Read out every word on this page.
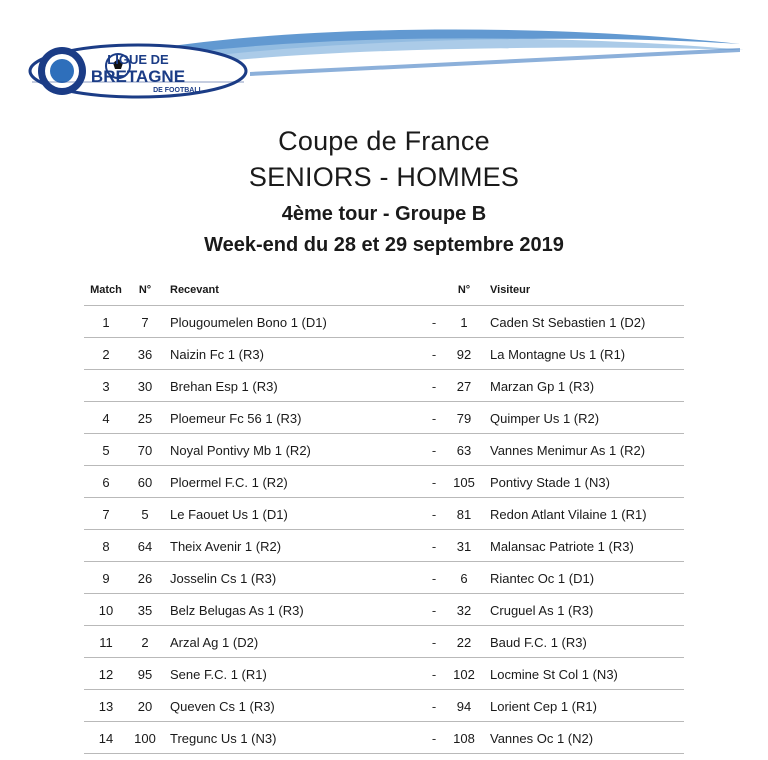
LIGUE DE
BRETAGNE
DE FOOTBALL
Coupe de France
SENIORS - HOMMES
4ème tour - Groupe B
Week-end du 28 et 29 septembre 2019
Match	N°	Recevant		N°	Visiteur
1	7	Plougoumelen Bono 1 (D1)	-	1	Caden St Sebastien 1 (D2)
2	36	Naizin Fc 1 (R3)	-	92	La Montagne Us 1 (R1)
3	30	Brehan Esp 1 (R3)	-	27	Marzan Gp 1 (R3)
4	25	Ploemeur Fc 56 1 (R3)	-	79	Quimper Us 1 (R2)
5	70	Noyal Pontivy Mb 1 (R2)	-	63	Vannes Menimur As 1 (R2)
6	60	Ploermel F.C. 1 (R2)	-	105	Pontivy Stade 1 (N3)
7	5	Le Faouet Us 1 (D1)	-	81	Redon Atlant Vilaine 1 (R1)
8	64	Theix Avenir 1 (R2)	-	31	Malansac Patriote 1 (R3)
9	26	Josselin Cs 1 (R3)	-	6	Riantec Oc 1 (D1)
10	35	Belz Belugas As 1 (R3)	-	32	Cruguel As 1 (R3)
11	2	Arzal Ag 1 (D2)	-	22	Baud F.C. 1 (R3)
12	95	Sene F.C. 1 (R1)	-	102	Locmine St Col 1 (N3)
13	20	Queven Cs 1 (R3)	-	94	Lorient Cep 1 (R1)
14	100	Tregunc Us 1 (N3)	-	108	Vannes Oc 1 (N2)
